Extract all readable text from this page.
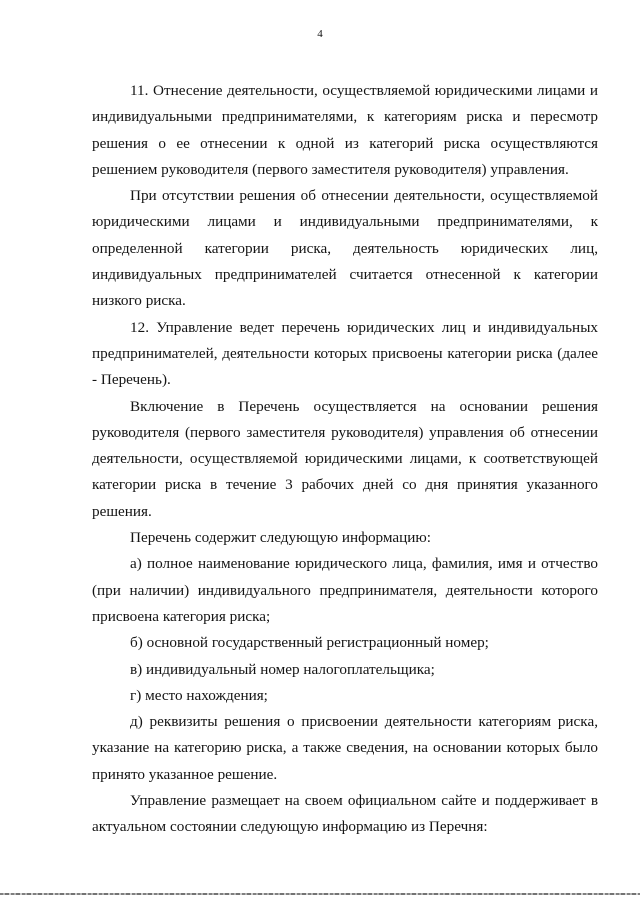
4

11. Отнесение деятельности, осуществляемой юридическими лицами и индивидуальными предпринимателями, к категориям риска и пересмотр решения о ее отнесении к одной из категорий риска осуществляются решением руководителя (первого заместителя руководителя) управления.

При отсутствии решения об отнесении деятельности, осуществляемой юридическими лицами и индивидуальными предпринимателями, к определенной категории риска, деятельность юридических лиц, индивидуальных предпринимателей считается отнесенной к категории низкого риска.

12. Управление ведет перечень юридических лиц и индивидуальных предпринимателей, деятельности которых присвоены категории риска (далее - Перечень).

Включение в Перечень осуществляется на основании решения руководителя (первого заместителя руководителя) управления об отнесении деятельности, осуществляемой юридическими лицами, к соответствующей категории риска в течение 3 рабочих дней со дня принятия указанного решения.

Перечень содержит следующую информацию:

а) полное наименование юридического лица, фамилия, имя и отчество (при наличии) индивидуального предпринимателя, деятельности которого присвоена категория риска;

б) основной государственный регистрационный номер;

в) индивидуальный номер налогоплательщика;

г) место нахождения;

д) реквизиты решения о присвоении деятельности категориям риска, указание на категорию риска, а также сведения, на основании которых было принято указанное решение.

Управление размещает на своем официальном сайте и поддерживает в актуальном состоянии следующую информацию из Перечня:
